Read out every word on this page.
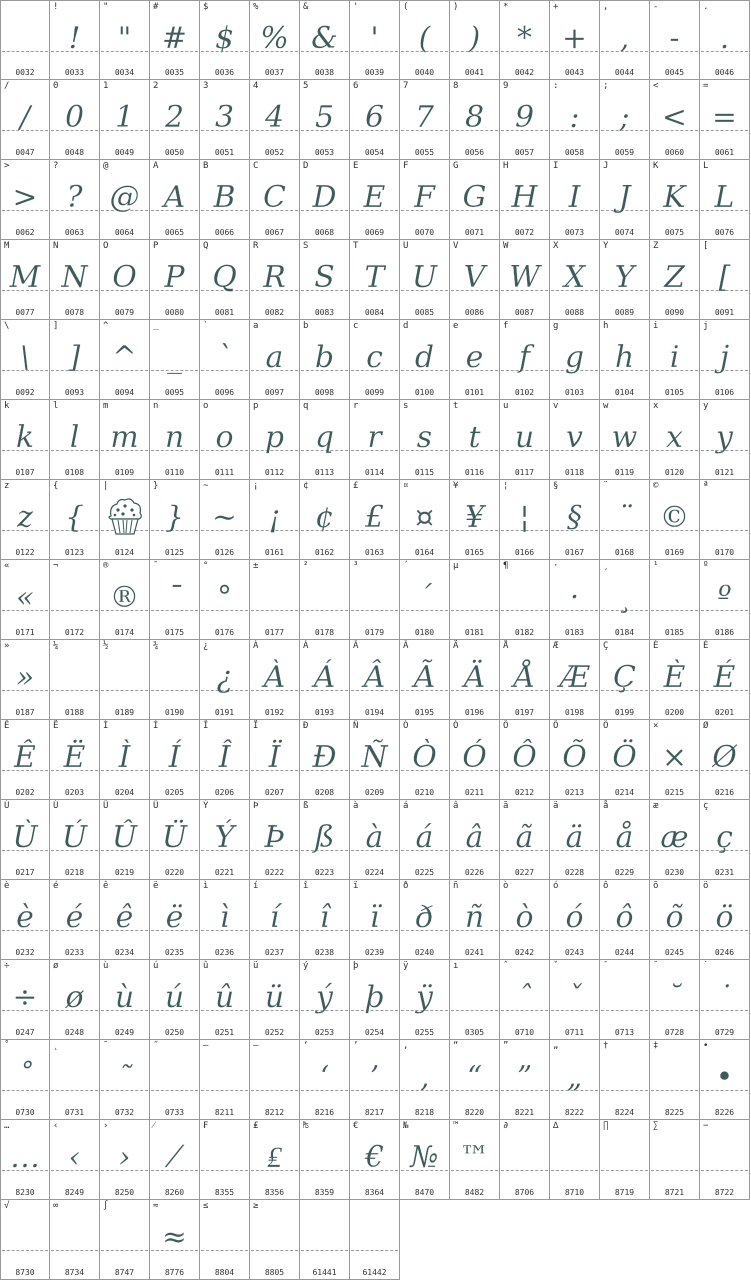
0032
!
!
0033
"
"
0034
#
#
0035
$
$
0036
%
%
0037
&
&
0038
'
'
0039
(
(
0040
)
)
0041
*
*
0042
+
+
0043
,
,
0044
-
-
0045
.
.
0046
/
/
0047
0
0
0048
1
1
0049
2
2
0050
3
3
0051
4
4
0052
5
5
0053
6
6
0054
7
7
0055
8
8
0056
9
9
0057
:
:
0058
;
;
0059
<
<
0060
=
=
0061
>
>
0062
?
?
0063
@
@
0064
A
A
0065
B
B
0066
C
C
0067
D
D
0068
E
E
0069
F
F
0070
G
G
0071
H
H
0072
I
I
0073
J
J
0074
K
K
0075
L
L
0076
M
M
0077
N
N
0078
O
O
0079
P
P
0080
Q
Q
0081
R
R
0082
S
S
0083
T
T
0084
U
U
0085
V
V
0086
W
W
0087
X
X
0088
Y
Y
0089
Z
Z
0090
[
[
0091
\
\
0092
]
]
0093
^
^
0094
_
_
0095
`
`
0096
a
a
0097
b
b
0098
c
c
0099
d
d
0100
e
e
0101
f
f
0102
g
g
0103
h
h
0104
i
i
0105
j
j
0106
k
k
0107
l
l
0108
m
m
0109
n
n
0110
o
o
0111
p
p
0112
q
q
0113
r
r
0114
s
s
0115
t
t
0116
u
u
0117
v
v
0118
w
w
0119
x
x
0120
y
y
0121
z
z
0122
{
{
0123
|
0124
}
}
0125
~
~
0126
¡
¡
0161
¢
¢
0162
£
£
0163
¤
¤
0164
¥
¥
0165
¦
¦
0166
§
§
0167
¨
¨
0168
©
©
0169
ª
0170
«
«
0171
¬
0172
®
®
0174
¯
¯
0175
°
°
0176
±
0177
²
0178
³
0179
´
´
0180
µ
0181
¶
0182
·
·
0183
¸
¸
0184
¹
0185
º
º
0186
»
»
0187
¼
0188
½
0189
¾
0190
¿
¿
0191
À
À
0192
Á
Á
0193
Â
Â
0194
Ã
Ã
0195
Ä
Ä
0196
Å
Å
0197
Æ
Æ
0198
Ç
Ç
0199
È
È
0200
É
É
0201
Ê
Ê
0202
Ë
Ë
0203
Ì
Ì
0204
Í
Í
0205
Î
Î
0206
Ï
Ï
0207
Ð
Ð
0208
Ñ
Ñ
0209
Ò
Ò
0210
Ó
Ó
0211
Ô
Ô
0212
Õ
Õ
0213
Ö
Ö
0214
×
×
0215
Ø
Ø
0216
Ù
Ù
0217
Ú
Ú
0218
Û
Û
0219
Ü
Ü
0220
Ý
Ý
0221
Þ
Þ
0222
ß
ß
0223
à
à
0224
á
á
0225
â
â
0226
ã
ã
0227
ä
ä
0228
å
å
0229
æ
æ
0230
ç
ç
0231
è
è
0232
é
é
0233
ê
ê
0234
ë
ë
0235
ì
ì
0236
í
í
0237
î
î
0238
ï
ï
0239
ð
ð
0240
ñ
ñ
0241
ò
ò
0242
ó
ó
0243
ô
ô
0244
õ
õ
0245
ö
ö
0246
÷
÷
0247
ø
ø
0248
ù
ù
0249
ú
ú
0250
û
û
0251
ü
ü
0252
ý
ý
0253
þ
þ
0254
ÿ
ÿ
0255
ı
0305
ˆ
ˆ
0710
ˇ
ˇ
0711
ˉ
0713
˘
˘
0728
˙
˙
0729
˚
˚
0730
˛
0731
˜
˜
0732
˝
0733
–
8211
—
8212
‘
‘
8216
’
’
8217
‚
‚
8218
“
“
8220
”
”
8221
„
„
8222
†
8224
‡
8225
•
•
8226
…
…
8230
‹
‹
8249
›
›
8250
⁄
⁄
8260
₣
8355
₤
₤
8356
₧
8359
€
€
8364
№
№
8470
™
™
8482
∂
8706
∆
8710
∏
8719
∑
8721
−
8722
√
8730
∞
8734
∫
8747
≈
≈
8776
≤
8804
≥
8805	61441	61442
